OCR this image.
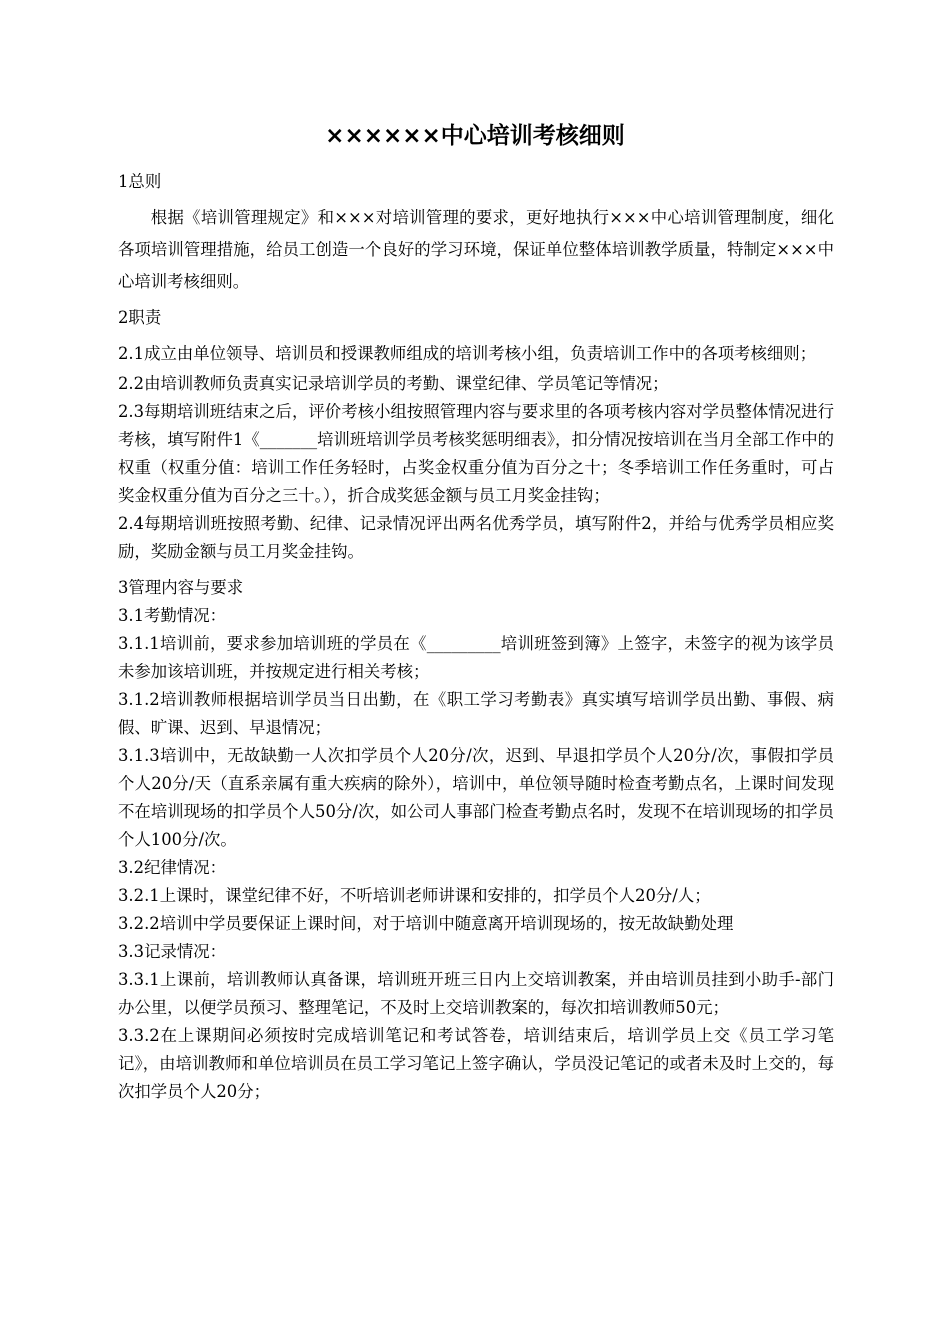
××××××中心培训考核细则

1总则

根据《培训管理规定》和×××对培训管理的要求，更好地执行×××中心培训管理制度，细化各项培训管理措施，给员工创造一个良好的学习环境，保证单位整体培训教学质量，特制定×××中心培训考核细则。

2职责

2.1成立由单位领导、培训员和授课教师组成的培训考核小组，负责培训工作中的各项考核细则；

2.2由培训教师负责真实记录培训学员的考勤、课堂纪律、学员笔记等情况；

2.3每期培训班结束之后，评价考核小组按照管理内容与要求里的各项考核内容对学员整体情况进行考核，填写附件1《_______培训班培训学员考核奖惩明细表》，扣分情况按培训在当月全部工作中的权重（权重分值：培训工作任务轻时，占奖金权重分值为百分之十；冬季培训工作任务重时，可占奖金权重分值为百分之三十。），折合成奖惩金额与员工月奖金挂钩；

2.4每期培训班按照考勤、纪律、记录情况评出两名优秀学员，填写附件2，并给与优秀学员相应奖励，奖励金额与员工月奖金挂钩。

3管理内容与要求

3.1考勤情况：

3.1.1培训前，要求参加培训班的学员在《_________培训班签到簿》上签字，未签字的视为该学员未参加该培训班，并按规定进行相关考核；

3.1.2培训教师根据培训学员当日出勤，在《职工学习考勤表》真实填写培训学员出勤、事假、病假、旷课、迟到、早退情况；

3.1.3培训中，无故缺勤一人次扣学员个人20分/次，迟到、早退扣学员个人20分/次，事假扣学员个人20分/天（直系亲属有重大疾病的除外），培训中，单位领导随时检查考勤点名，上课时间发现不在培训现场的扣学员个人50分/次，如公司人事部门检查考勤点名时，发现不在培训现场的扣学员个人100分/次。

3.2纪律情况：

3.2.1上课时，课堂纪律不好，不听培训老师讲课和安排的，扣学员个人20分/人；

3.2.2培训中学员要保证上课时间，对于培训中随意离开培训现场的，按无故缺勤处理

3.3记录情况：

3.3.1上课前，培训教师认真备课，培训班开班三日内上交培训教案，并由培训员挂到小助手-部门办公里，以便学员预习、整理笔记，不及时上交培训教案的，每次扣培训教师50元；

3.3.2在上课期间必须按时完成培训笔记和考试答卷，培训结束后，培训学员上交《员工学习笔记》，由培训教师和单位培训员在员工学习笔记上签字确认，学员没记笔记的或者未及时上交的，每次扣学员个人20分；
